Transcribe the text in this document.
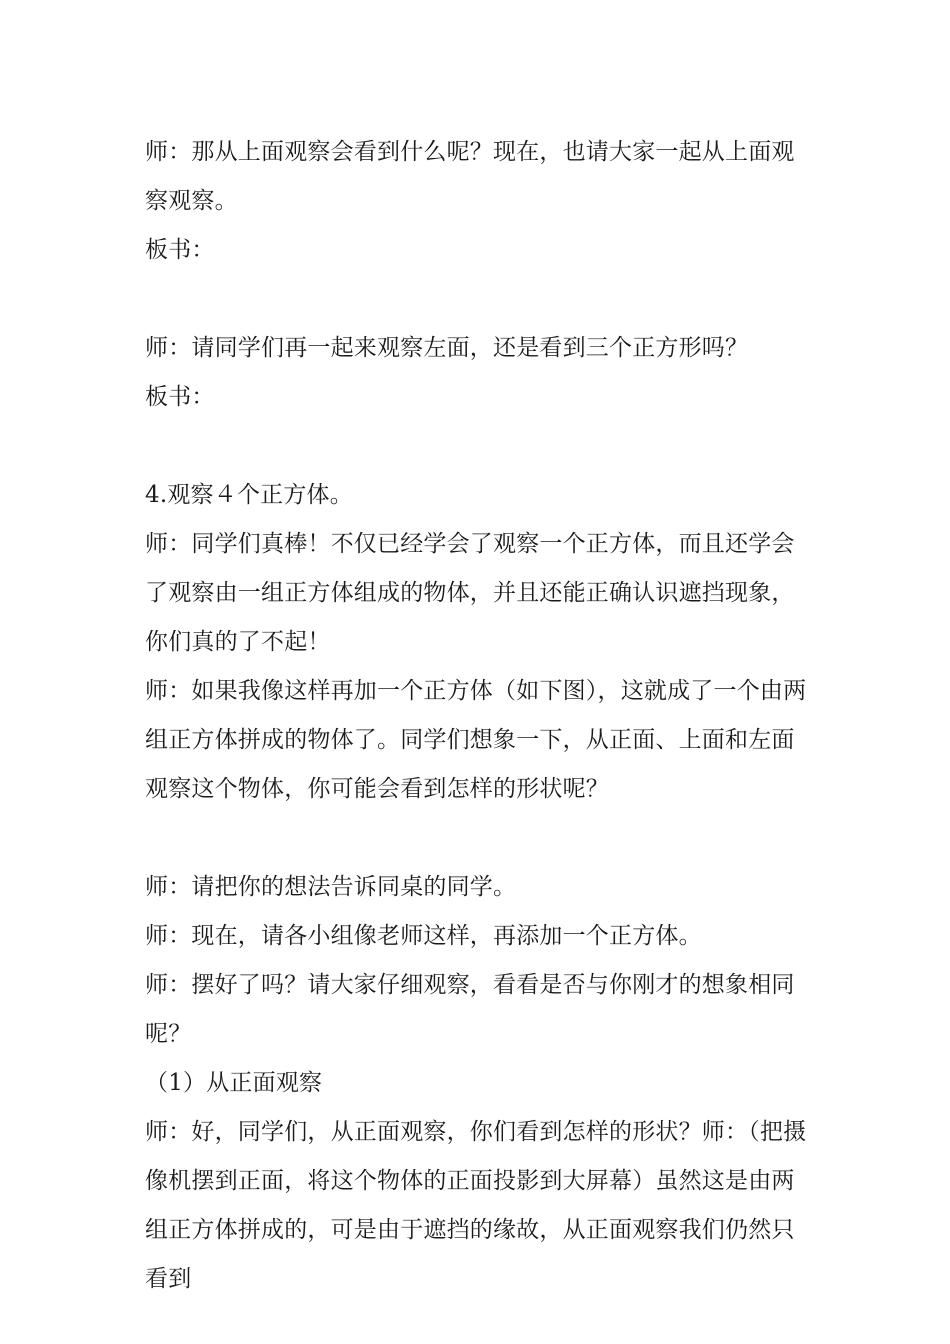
师：那从上面观察会看到什么呢？现在，也请大家一起从上面观察观察。

板书：

师：请同学们再一起来观察左面，还是看到三个正方形吗？

板书：

4.观察４个正方体。

师：同学们真棒！不仅已经学会了观察一个正方体，而且还学会了观察由一组正方体组成的物体，并且还能正确认识遮挡现象，你们真的了不起！

师：如果我像这样再加一个正方体（如下图），这就成了一个由两组正方体拼成的物体了。同学们想象一下，从正面、上面和左面观察这个物体，你可能会看到怎样的形状呢？

师：请把你的想法告诉同桌的同学。

师：现在，请各小组像老师这样，再添加一个正方体。

师：摆好了吗？请大家仔细观察，看看是否与你刚才的想象相同呢？

（1）从正面观察

师：好，同学们，从正面观察，你们看到怎样的形状？师：（把摄像机摆到正面，将这个物体的正面投影到大屏幕）虽然这是由两组正方体拼成的，可是由于遮挡的缘故，从正面观察我们仍然只看到
